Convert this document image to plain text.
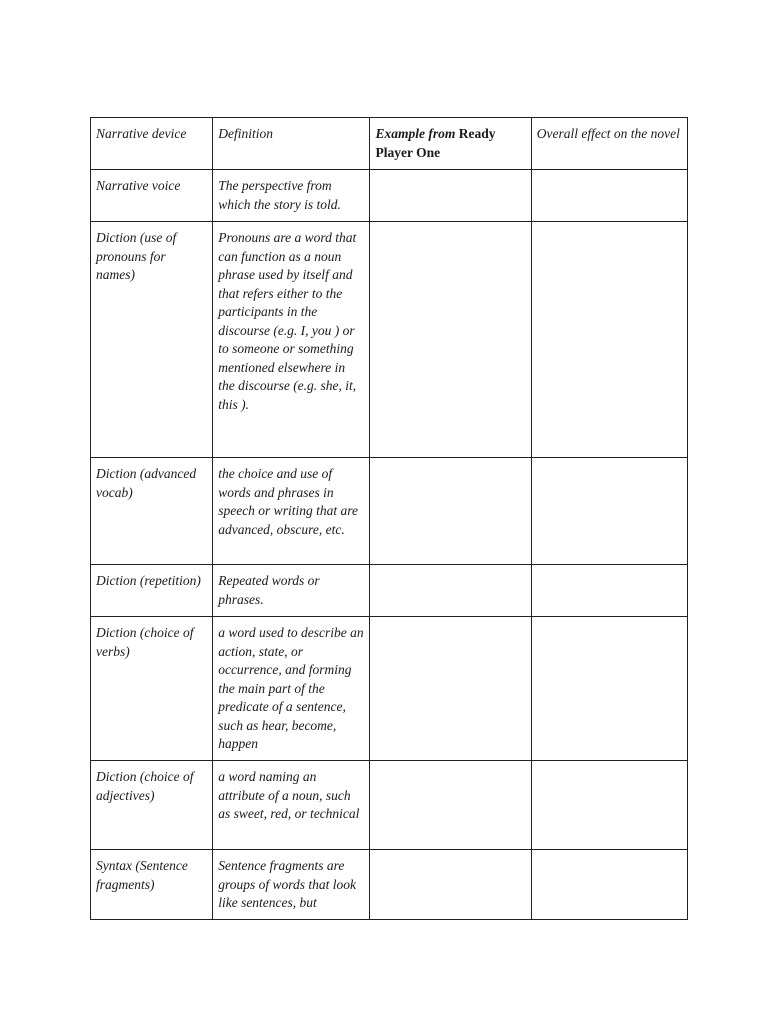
Narrative device	Definition	Example from Ready Player One	Overall effect on the novel
Narrative voice	The perspective from which the story is told.		
Diction (use of pronouns for names)	Pronouns are a word that can function as a noun phrase used by itself and that refers either to the participants in the discourse (e.g. I, you ) or to someone or something mentioned elsewhere in the discourse (e.g. she, it, this ).		
Diction (advanced vocab)	the choice and use of words and phrases in speech or writing that are advanced, obscure, etc.		
Diction (repetition)	Repeated words or phrases.		
Diction (choice of verbs)	a word used to describe an action, state, or occurrence, and forming the main part of the predicate of a sentence, such as hear, become, happen		
Diction (choice of adjectives)	a word naming an attribute of a noun, such as sweet, red, or technical		
Syntax (Sentence fragments)	Sentence fragments are groups of words that look like sentences, but		
